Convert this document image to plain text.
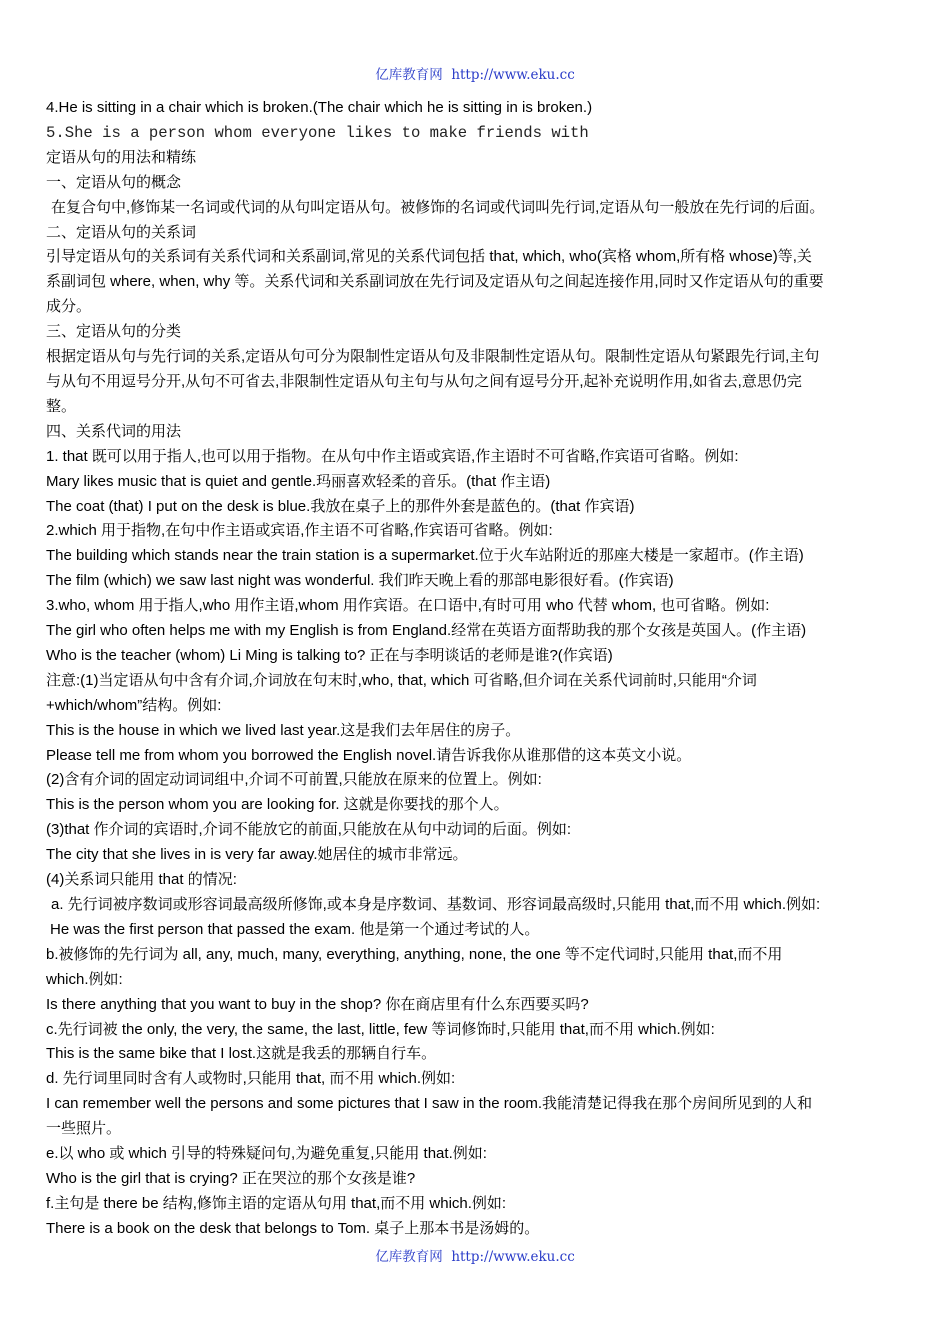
亿库教育网 http://www.eku.cc

4.He is sitting in a chair which is broken.(The chair which he is sitting in is broken.)

5.She is a person whom everyone likes to make friends with

定语从句的用法和精练

一、定语从句的概念

在复合句中,修饰某一名词或代词的从句叫定语从句。被修饰的名词或代词叫先行词,定语从句一般放在先行词的后面。

二、定语从句的关系词

引导定语从句的关系词有关系代词和关系副词,常见的关系代词包括 that, which, who(宾格 whom,所有格 whose)等,关

系副词包 where, when, why 等。关系代词和关系副词放在先行词及定语从句之间起连接作用,同时又作定语从句的重要

成分。

三、定语从句的分类

根据定语从句与先行词的关系,定语从句可分为限制性定语从句及非限制性定语从句。限制性定语从句紧跟先行词,主句

与从句不用逗号分开,从句不可省去,非限制性定语从句主句与从句之间有逗号分开,起补充说明作用,如省去,意思仍完

整。

四、关系代词的用法

1. that 既可以用于指人,也可以用于指物。在从句中作主语或宾语,作主语时不可省略,作宾语可省略。例如:

Mary likes music that is quiet and gentle.玛丽喜欢轻柔的音乐。(that 作主语)

The coat (that) I put on the desk is blue.我放在桌子上的那件外套是蓝色的。(that 作宾语)

2.which 用于指物,在句中作主语或宾语,作主语不可省略,作宾语可省略。例如:

The building which stands near the train station is a supermarket.位于火车站附近的那座大楼是一家超市。(作主语)

The film (which) we saw last night was wonderful. 我们昨天晚上看的那部电影很好看。(作宾语)

3.who, whom 用于指人,who 用作主语,whom 用作宾语。在口语中,有时可用 who 代替 whom, 也可省略。例如:

The girl who often helps me with my English is from England.经常在英语方面帮助我的那个女孩是英国人。(作主语)

Who is the teacher (whom) Li Ming is talking to? 正在与李明谈话的老师是谁?(作宾语)

注意:(1)当定语从句中含有介词,介词放在句末时,who, that, which 可省略,但介词在关系代词前时,只能用“介词

+which/whom”结构。例如:

This is the house in which we lived last year.这是我们去年居住的房子。

Please tell me from whom you borrowed the English novel.请告诉我你从谁那借的这本英文小说。

(2)含有介词的固定动词词组中,介词不可前置,只能放在原来的位置上。例如:

This is the person whom you are looking for. 这就是你要找的那个人。

(3)that 作介词的宾语时,介词不能放它的前面,只能放在从句中动词的后面。例如:

The city that she lives in is very far away.她居住的城市非常远。

(4)关系词只能用 that 的情况:

a. 先行词被序数词或形容词最高级所修饰,或本身是序数词、基数词、形容词最高级时,只能用 that,而不用 which.例如:

He was the first person that passed the exam. 他是第一个通过考试的人。

b.被修饰的先行词为 all, any, much, many, everything, anything, none, the one 等不定代词时,只能用 that,而不用

which.例如:

Is there anything that you want to buy in the shop? 你在商店里有什么东西要买吗?

c.先行词被 the only, the very, the same, the last, little, few 等词修饰时,只能用 that,而不用 which.例如:

This is the same bike that I lost.这就是我丢的那辆自行车。

d. 先行词里同时含有人或物时,只能用 that, 而不用 which.例如:

I can remember well the persons and some pictures that I saw in the room.我能清楚记得我在那个房间所见到的人和

一些照片。

e.以 who 或 which 引导的特殊疑问句,为避免重复,只能用 that.例如:

Who is the girl that is crying? 正在哭泣的那个女孩是谁?

f.主句是 there be 结构,修饰主语的定语从句用 that,而不用 which.例如:

There is a book on the desk that belongs to Tom. 桌子上那本书是汤姆的。

亿库教育网 http://www.eku.cc
